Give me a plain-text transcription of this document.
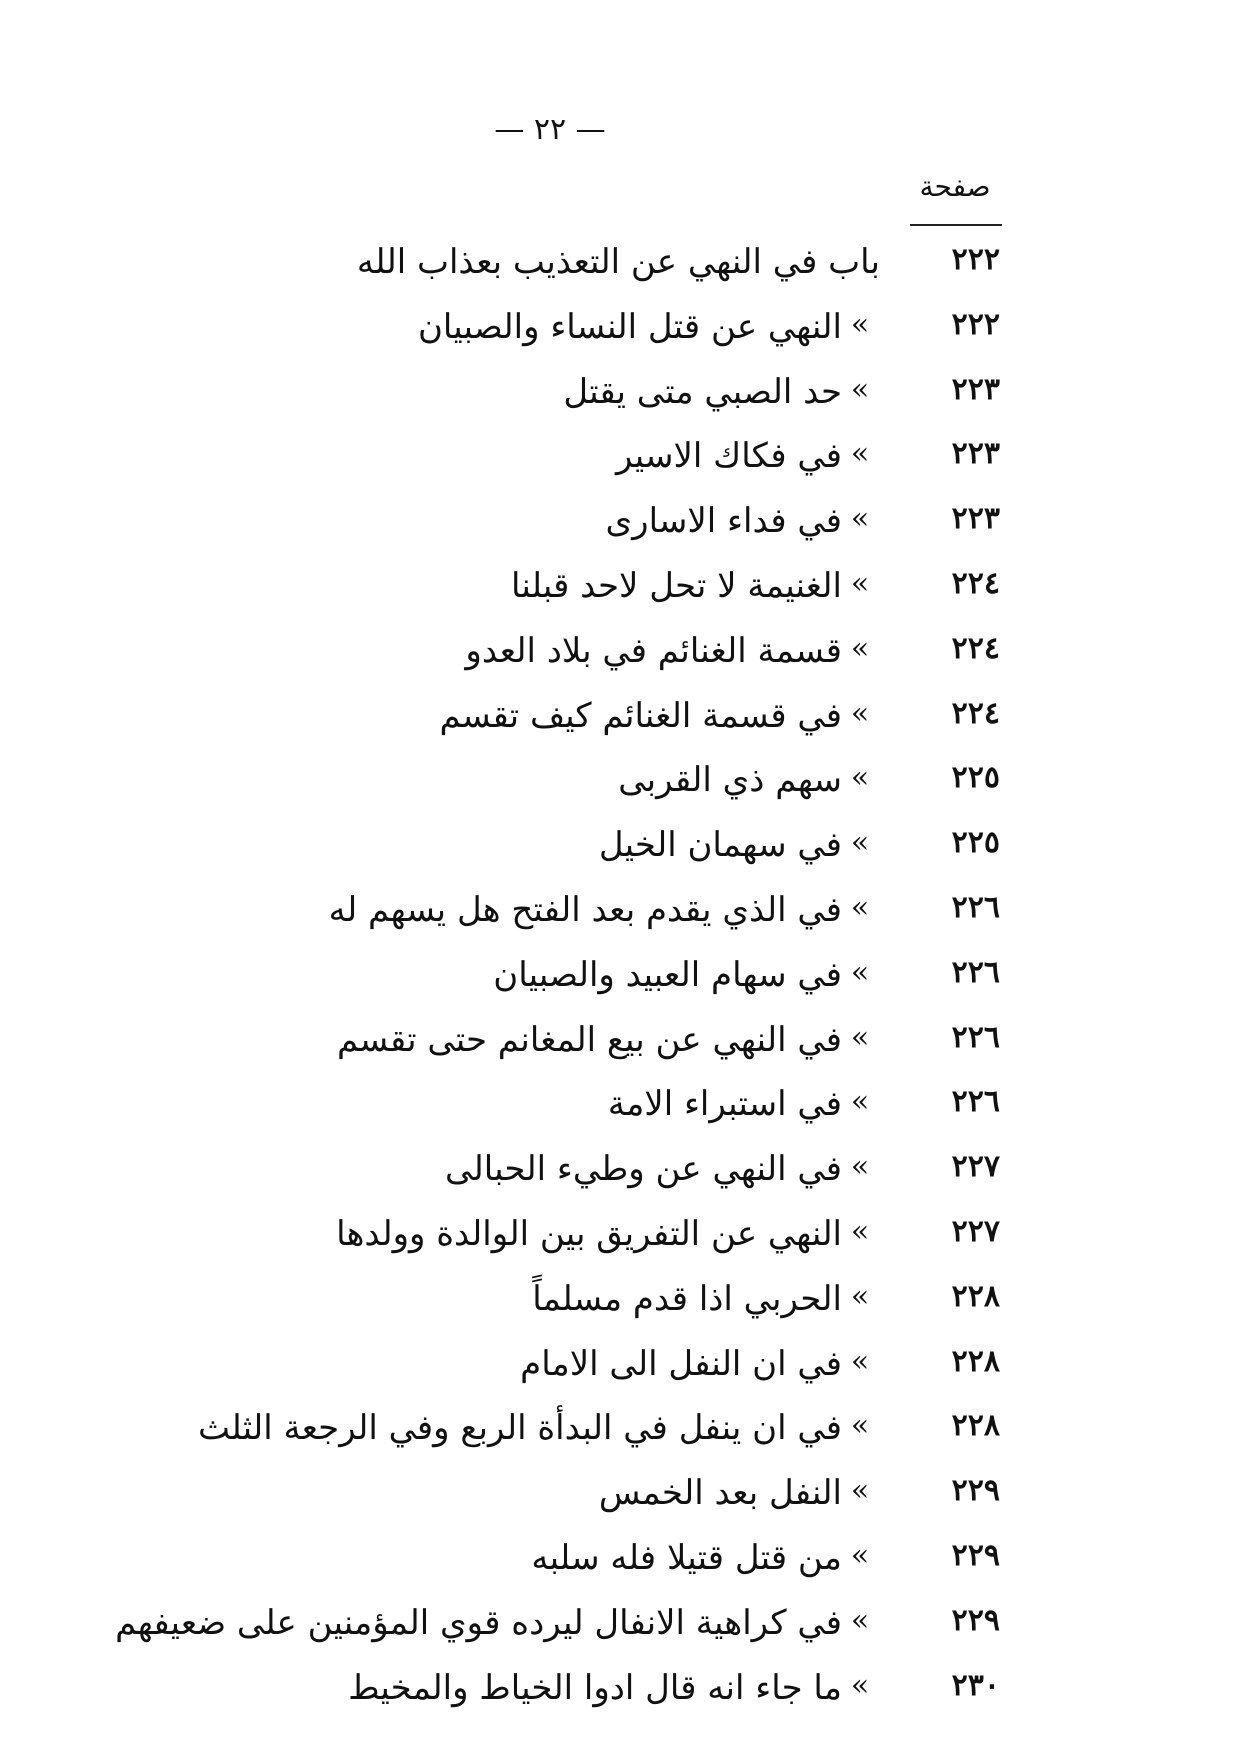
— ٢٢ —
صفحة
٢٢٢
باب في النهي عن التعذيب بعذاب الله
٢٢٢
»
النهي عن قتل النساء والصبيان
٢٢٣
»
حد الصبي متى يقتل
٢٢٣
»
في فكاك الاسير
٢٢٣
»
في فداء الاسارى
٢٢٤
»
الغنيمة لا تحل لاحد قبلنا
٢٢٤
»
قسمة الغنائم في بلاد العدو
٢٢٤
»
في قسمة الغنائم كيف تقسم
٢٢٥
»
سهم ذي القربى
٢٢٥
»
في سهمان الخيل
٢٢٦
»
في الذي يقدم بعد الفتح هل يسهم له
٢٢٦
»
في سهام العبيد والصبيان
٢٢٦
»
في النهي عن بيع المغانم حتى تقسم
٢٢٦
»
في استبراء الامة
٢٢٧
»
في النهي عن وطيء الحبالى
٢٢٧
»
النهي عن التفريق بين الوالدة وولدها
٢٢٨
»
الحربي اذا قدم مسلماً
٢٢٨
»
في ان النفل الى الامام
٢٢٨
»
في ان ينفل في البدأة الربع وفي الرجعة الثلث
٢٢٩
»
النفل بعد الخمس
٢٢٩
»
من قتل قتيلا فله سلبه
٢٢٩
»
في كراهية الانفال ليرده قوي المؤمنين على ضعيفهم
٢٣٠
»
ما جاء انه قال ادوا الخياط والمخيط
